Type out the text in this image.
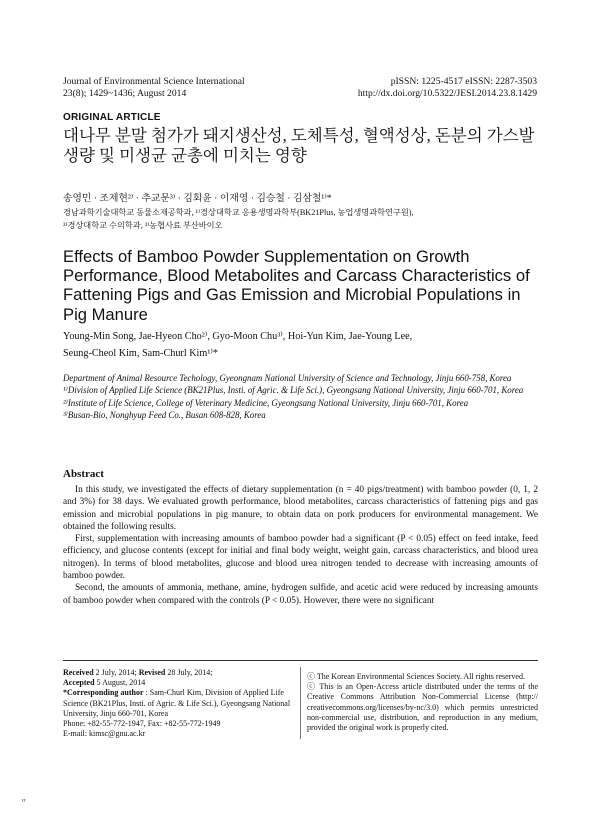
Journal of Environmental Science International
23(8); 1429~1436; August 2014
pISSN: 1225-4517 eISSN: 2287-3503
http://dx.doi.org/10.5322/JESI.2014.23.8.1429
ORIGINAL ARTICLE
대나무 분말 첨가가 돼지생산성, 도체특성, 혈액성상, 돈분의 가스발생량 및 미생균 균총에 미치는 영향
송영민 · 조제현²⁾ · 추교문³⁾ · 김회윤 · 이재영 · 김승철 · 김삼철¹⁾*
경남과학기술대학교 동물소재공학과, ¹⁾경상대학교 응용생명과학부(BK21Plus, 농업생명과학연구원),
²⁾경상대학교 수의학과, ³⁾농협사료 부산바이오
Effects of Bamboo Powder Supplementation on Growth Performance, Blood Metabolites and Carcass Characteristics of Fattening Pigs and Gas Emission and Microbial Populations in Pig Manure
Young-Min Song, Jae-Hyeon Cho²⁾, Gyo-Moon Chu³⁾, Hoi-Yun Kim, Jae-Young Lee,
Seung-Cheol Kim, Sam-Churl Kim¹⁾*

Department of Animal Resource Techology, Gyeongnam National University of Science and Technology, Jinju 660-758, Korea

¹⁾Division of Applied Life Science (BK21Plus, Insti. of Agric. & Life Sci.), Gyeongsang National University, Jinju 660-701, Korea

²⁾Institute of Life Science, College of Veterinary Medicine, Gyeongsang National University, Jinju 660-701, Korea

³⁾Busan-Bio, Nonghyup Feed Co., Busan 608-828, Korea

Abstract

In this study, we investigated the effects of dietary supplementation (n = 40 pigs/treatment) with bamboo powder (0, 1, 2 and 3%) for 38 days. We evaluated growth performance, blood metabolites, carcass characteristics of fattening pigs and gas emission and microbial populations in pig manure, to obtain data on pork producers for environmental management. We obtained the following results.

First, supplementation with increasing amounts of bamboo powder had a significant (P < 0.05) effect on feed intake, feed efficiency, and glucose contents (except for initial and final body weight, weight gain, carcass characteristics, and blood urea nitrogen). In terms of blood metabolites, glucose and blood urea nitrogen tended to decrease with increasing amounts of bamboo powder.

Second, the amounts of ammonia, methane, amine, hydrogen sulfide, and acetic acid were reduced by increasing amounts of bamboo powder when compared with the controls (P < 0.05). However, there were no significant

Received 2 July, 2014; Revised 28 July, 2014;

Accepted 5 August, 2014

*Corresponding author : Sam-Churl Kim, Division of Applied Life Science (BK21Plus, Insti. of Agric. & Life Sci.), Gyeongsang National University, Jinju 660-701, Korea

Phone: +82-55-772-1947, Fax: +82-55-772-1949

E-mail: kimsc@gnu.ac.kr

ⓒ The Korean Environmental Sciences Society. All rights reserved.

ⓒ This is an Open-Access article distributed under the terms of the Creative Commons Attribution Non-Commercial License (http:// creativecommons.org/licenses/by-nc/3.0) which permits unrestricted non-commercial use, distribution, and reproduction in any medium, provided the original work is properly cited.

〃
